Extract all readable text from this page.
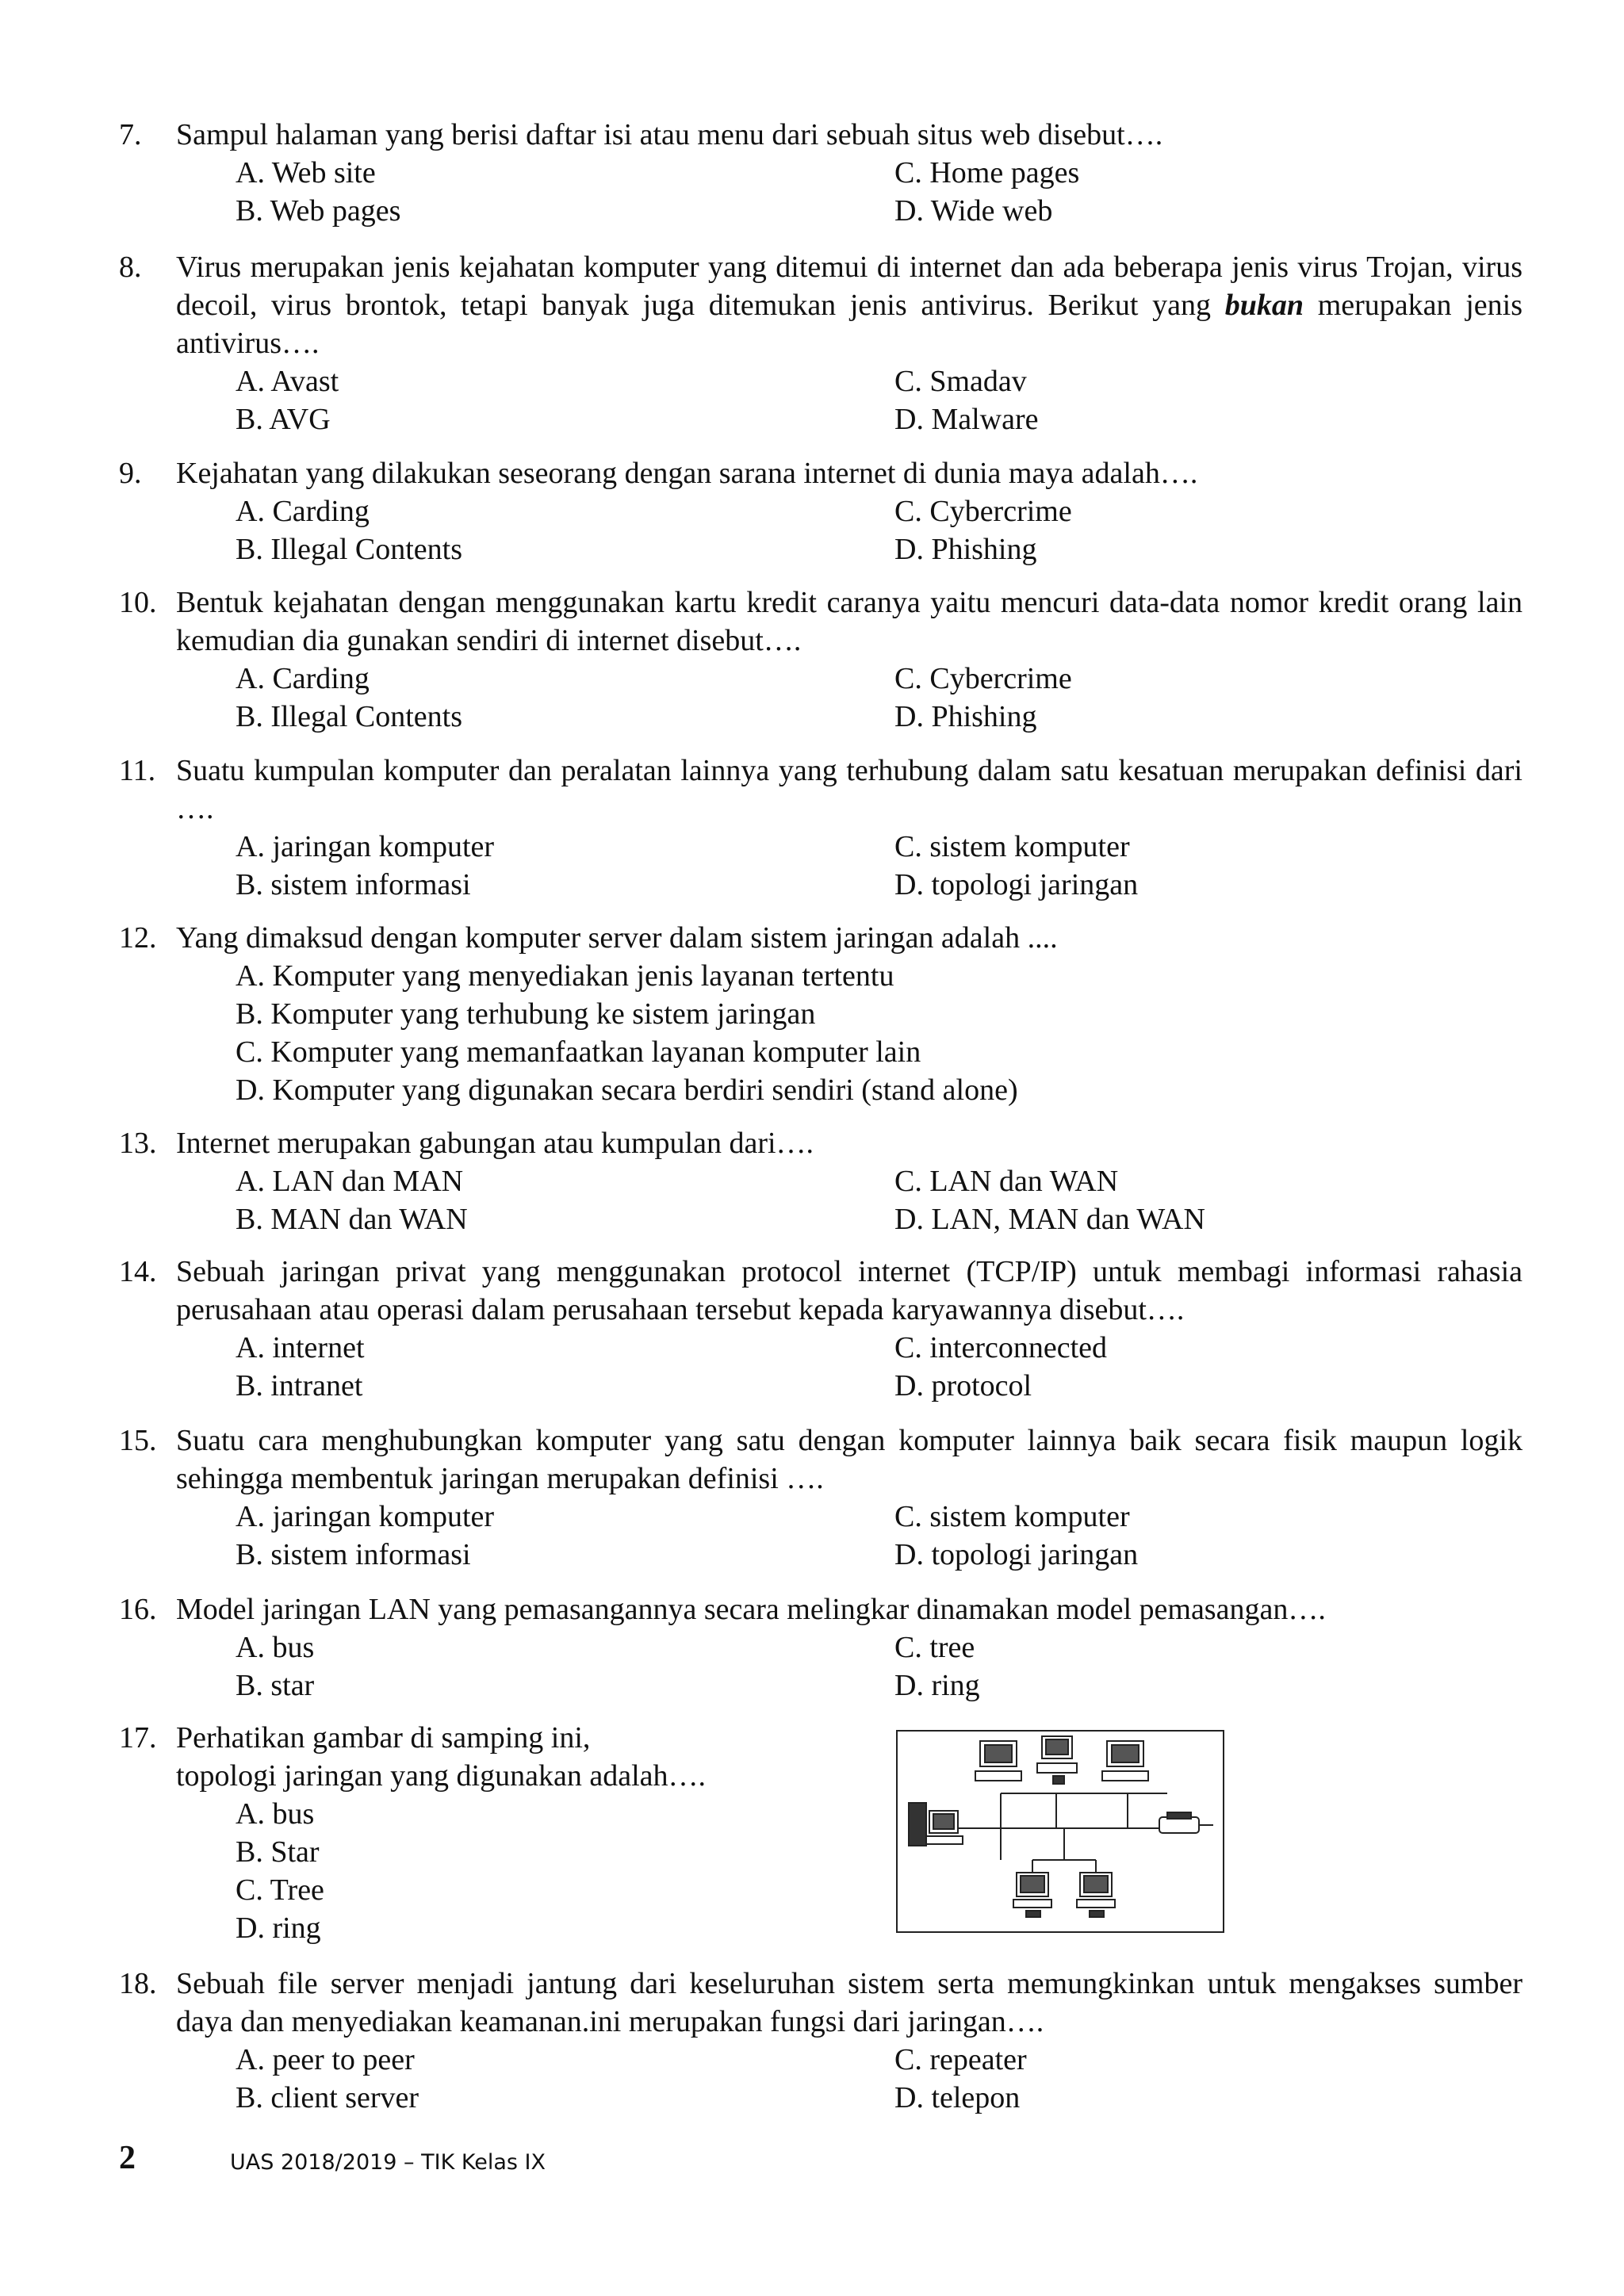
7.	Sampul halaman yang berisi daftar isi atau menu dari sebuah situs web disebut….
A. Web site
B. Web pages
C. Home pages
D. Wide web
8.	Virus merupakan jenis kejahatan komputer yang ditemui di internet dan ada beberapa jenis virus Trojan, virus decoil, virus brontok, tetapi banyak juga ditemukan jenis antivirus. Berikut yang bukan merupakan jenis antivirus….
A. Avast
B. AVG
C. Smadav
D. Malware
9.	Kejahatan yang dilakukan seseorang dengan sarana internet di dunia maya adalah….
A. Carding
B. Illegal Contents
C. Cybercrime
D. Phishing
10. Bentuk kejahatan dengan menggunakan kartu kredit caranya yaitu mencuri data-data nomor kredit orang lain kemudian dia gunakan sendiri di internet disebut….
A. Carding
B. Illegal Contents
C. Cybercrime
D. Phishing
11. Suatu kumpulan komputer dan peralatan lainnya yang terhubung dalam satu kesatuan merupakan definisi dari ….
A. jaringan komputer
B. sistem informasi
C. sistem komputer
D. topologi jaringan
12. Yang dimaksud dengan komputer server dalam sistem jaringan adalah ....
A. Komputer yang menyediakan jenis layanan tertentu
B. Komputer yang terhubung ke sistem jaringan
C. Komputer yang memanfaatkan layanan komputer lain
D. Komputer yang digunakan secara berdiri sendiri (stand alone)
13. Internet merupakan gabungan atau kumpulan dari….
A. LAN dan MAN
B. MAN dan WAN
C. LAN dan WAN
D. LAN, MAN dan WAN
14. Sebuah jaringan privat yang menggunakan protocol internet (TCP/IP) untuk membagi informasi rahasia perusahaan atau operasi dalam perusahaan tersebut kepada karyawannya disebut….
A. internet
B. intranet
C. interconnected
D. protocol
15. Suatu cara menghubungkan komputer yang satu dengan komputer lainnya baik secara fisik maupun logik sehingga membentuk jaringan merupakan definisi ….
A. jaringan komputer
B. sistem informasi
C. sistem komputer
D. topologi jaringan
16. Model jaringan LAN yang pemasangannya secara melingkar dinamakan model pemasangan….
A. bus
B. star
C. tree
D. ring
17. Perhatikan gambar di samping ini,
topologi jaringan yang digunakan adalah….
A. bus
B. Star
C. Tree
D. ring
18. Sebuah file server menjadi jantung dari keseluruhan sistem serta memungkinkan untuk mengakses sumber daya dan menyediakan keamanan.ini merupakan fungsi dari jaringan….
A. peer to peer
B. client server
C. repeater
D. telepon
2	UAS 2018/2019 – TIK Kelas IX
